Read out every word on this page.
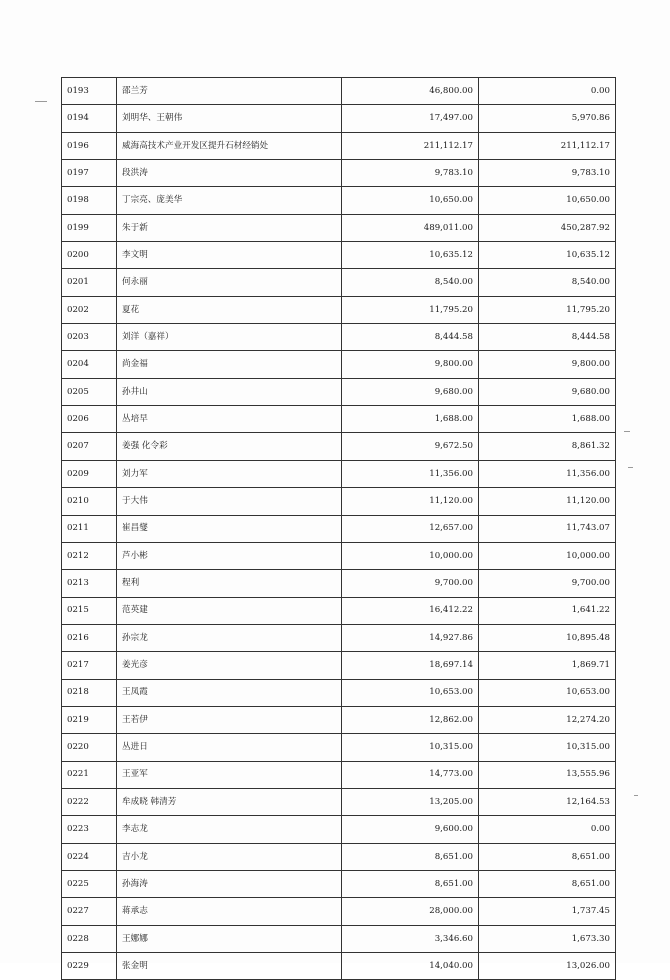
0193	邵兰芳	46,800.00	0.00
0194	刘明华、王朝伟	17,497.00	5,970.86
0196	威海高技术产业开发区提升石材经销处	211,112.17	211,112.17
0197	段洪涛	9,783.10	9,783.10
0198	丁宗亮、庞美华	10,650.00	10,650.00
0199	朱于新	489,011.00	450,287.92
0200	李文明	10,635.12	10,635.12
0201	何永丽	8,540.00	8,540.00
0202	夏花	11,795.20	11,795.20
0203	刘洋（嘉祥）	8,444.58	8,444.58
0204	尚金福	9,800.00	9,800.00
0205	孙井山	9,680.00	9,680.00
0206	丛培早	1,688.00	1,688.00
0207	姜强 化令彩	9,672.50	8,861.32
0209	刘力军	11,356.00	11,356.00
0210	于大伟	11,120.00	11,120.00
0211	崔昌燮	12,657.00	11,743.07
0212	芦小彬	10,000.00	10,000.00
0213	程利	9,700.00	9,700.00
0215	范英建	16,412.22	1,641.22
0216	孙宗龙	14,927.86	10,895.48
0217	姜光彦	18,697.14	1,869.71
0218	王凤霞	10,653.00	10,653.00
0219	王若伊	12,862.00	12,274.20
0220	丛进日	10,315.00	10,315.00
0221	王亚军	14,773.00	13,555.96
0222	牟成晓 韩清芳	13,205.00	12,164.53
0223	李志龙	9,600.00	0.00
0224	吉小龙	8,651.00	8,651.00
0225	孙海涛	8,651.00	8,651.00
0227	蒋承志	28,000.00	1,737.45
0228	王娜娜	3,346.60	1,673.30
0229	张金明	14,040.00	13,026.00
